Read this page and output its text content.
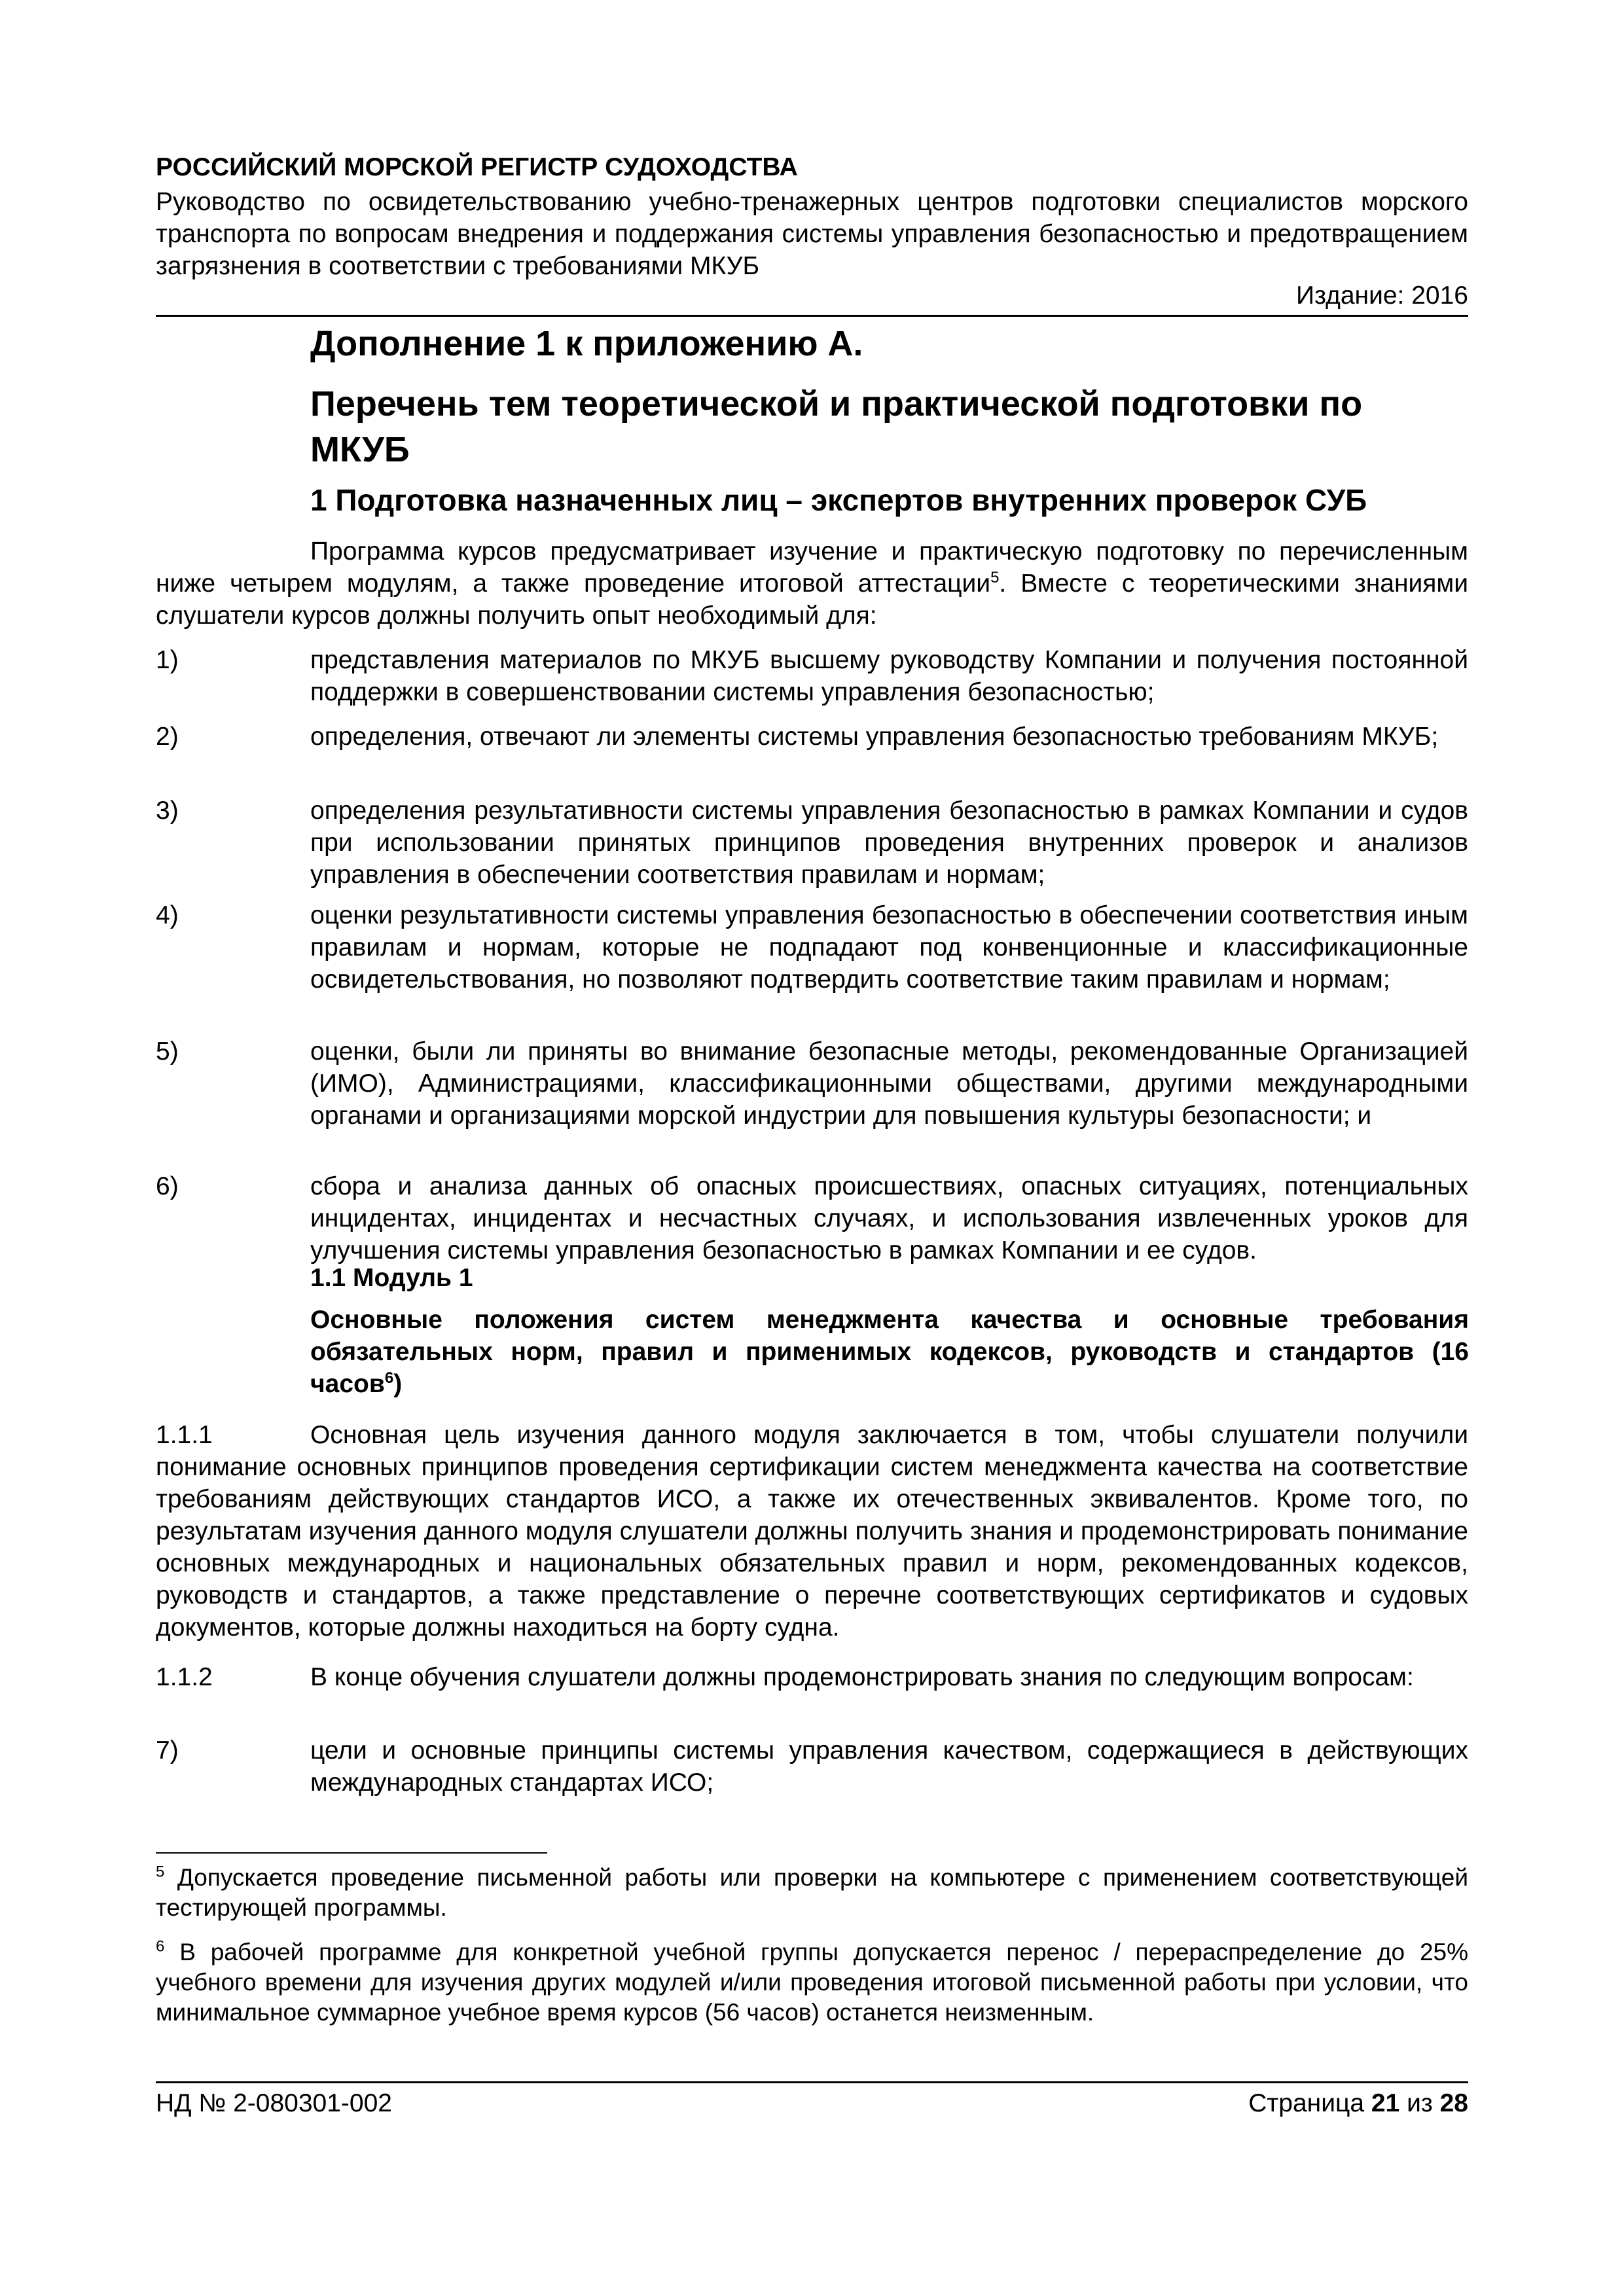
РОССИЙСКИЙ МОРСКОЙ РЕГИСТР СУДОХОДСТВА
Руководство по освидетельствованию учебно-тренажерных центров подготовки специалистов морского транспорта по вопросам внедрения и поддержания системы управления безопасностью и предотвращением загрязнения в соответствии с требованиями МКУБ
Издание: 2016
Дополнение 1 к приложению А.
Перечень тем теоретической и практической подготовки по МКУБ
1 Подготовка назначенных лиц – экспертов внутренних проверок СУБ
Программа курсов предусматривает изучение и практическую подготовку по перечисленным ниже четырем модулям, а также проведение итоговой аттестации$^5$. Вместе с теоретическими знаниями слушатели курсов должны получить опыт необходимый для:
1)	представления материалов по МКУБ высшему руководству Компании и получения постоянной поддержки в совершенствовании системы управления безопасностью;
2)	определения, отвечают ли элементы системы управления безопасностью требованиям МКУБ;
3)	определения результативности системы управления безопасностью в рамках Компании и судов при использовании принятых принципов проведения внутренних проверок и анализов управления в обеспечении соответствия правилам и нормам;
4)	оценки результативности системы управления безопасностью в обеспечении соответствия иным правилам и нормам, которые не подпадают под конвенционные и классификационные освидетельствования, но позволяют подтвердить соответствие таким правилам и нормам;
5)	оценки, были ли приняты во внимание безопасные методы, рекомендованные Организацией (ИМО), Администрациями, классификационными обществами, другими международными органами и организациями морской индустрии для повышения культуры безопасности; и
6)	сбора и анализа данных об опасных происшествиях, опасных ситуациях, потенциальных инцидентах, инцидентах и несчастных случаях, и использования извлеченных уроков для улучшения системы управления безопасностью в рамках Компании и ее судов.
1.1 Модуль 1
Основные положения систем менеджмента качества и основные требования обязательных норм, правил и применимых кодексов, руководств и стандартов (16 часов$^6$)
1.1.1	Основная цель изучения данного модуля заключается в том, чтобы слушатели получили понимание основных принципов проведения сертификации систем менеджмента качества на соответствие требованиям действующих стандартов ИСО, а также их отечественных эквивалентов. Кроме того, по результатам изучения данного модуля слушатели должны получить знания и продемонстрировать понимание основных международных и национальных обязательных правил и норм, рекомендованных кодексов, руководств и стандартов, а также представление о перечне соответствующих сертификатов и судовых документов, которые должны находиться на борту судна.
1.1.2	В конце обучения слушатели должны продемонстрировать знания по следующим вопросам:
7)	цели и основные принципы системы управления качеством, содержащиеся в действующих международных стандартах ИСО;
$^5$ Допускается проведение письменной работы или проверки на компьютере с применением соответствующей тестирующей программы.
$^6$ В рабочей программе для конкретной учебной группы допускается перенос / перераспределение до 25% учебного времени для изучения других модулей и/или проведения итоговой письменной работы при условии, что минимальное суммарное учебное время курсов (56 часов) останется неизменным.
НД № 2-080301-002	Страница 21 из 28
